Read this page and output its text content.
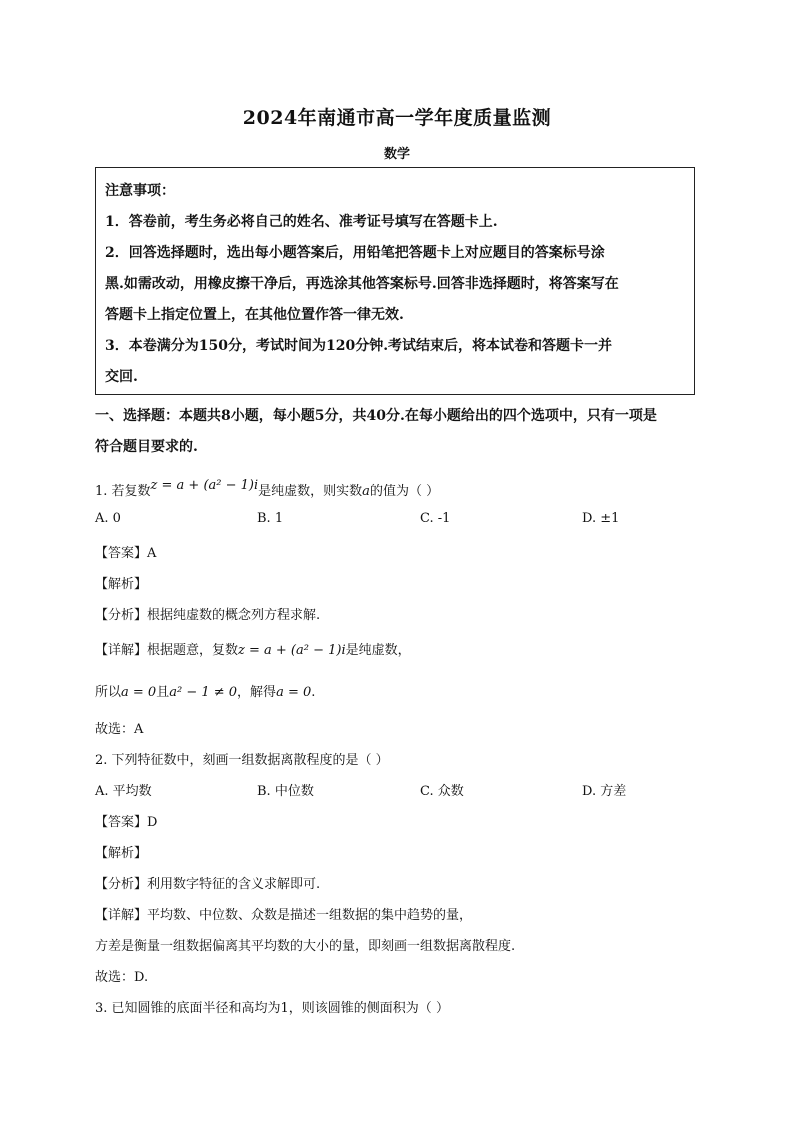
2024年南通市高一学年度质量监测
数学
注意事项：
1．答卷前，考生务必将自己的姓名、准考证号填写在答题卡上.
2．回答选择题时，选出每小题答案后，用铅笔把答题卡上对应题目的答案标号涂
黑.如需改动，用橡皮擦干净后，再选涂其他答案标号.回答非选择题时，将答案写在
答题卡上指定位置上，在其他位置作答一律无效.
3．本卷满分为150分，考试时间为120分钟.考试结束后，将本试卷和答题卡一并
交回.
一、选择题：本题共8小题，每小题5分，共40分.在每小题给出的四个选项中，只有一项是
符合题目要求的.
1. 若复数z = a + (a² − 1)i是纯虚数，则实数a的值为（ ）
A. 0	B. 1	C. -1	D. ±1
【答案】A
【解析】
【分析】根据纯虚数的概念列方程求解.
【详解】根据题意，复数z = a + (a² − 1)i是纯虚数，
所以a = 0且a² − 1 ≠ 0，解得a = 0.
故选：A
2. 下列特征数中，刻画一组数据离散程度的是（ ）
A. 平均数	B. 中位数	C. 众数	D. 方差
【答案】D
【解析】
【分析】利用数字特征的含义求解即可.
【详解】平均数、中位数、众数是描述一组数据的集中趋势的量，
方差是衡量一组数据偏离其平均数的大小的量，即刻画一组数据离散程度.
故选：D.
3. 已知圆锥的底面半径和高均为1，则该圆锥的侧面积为（ ）
